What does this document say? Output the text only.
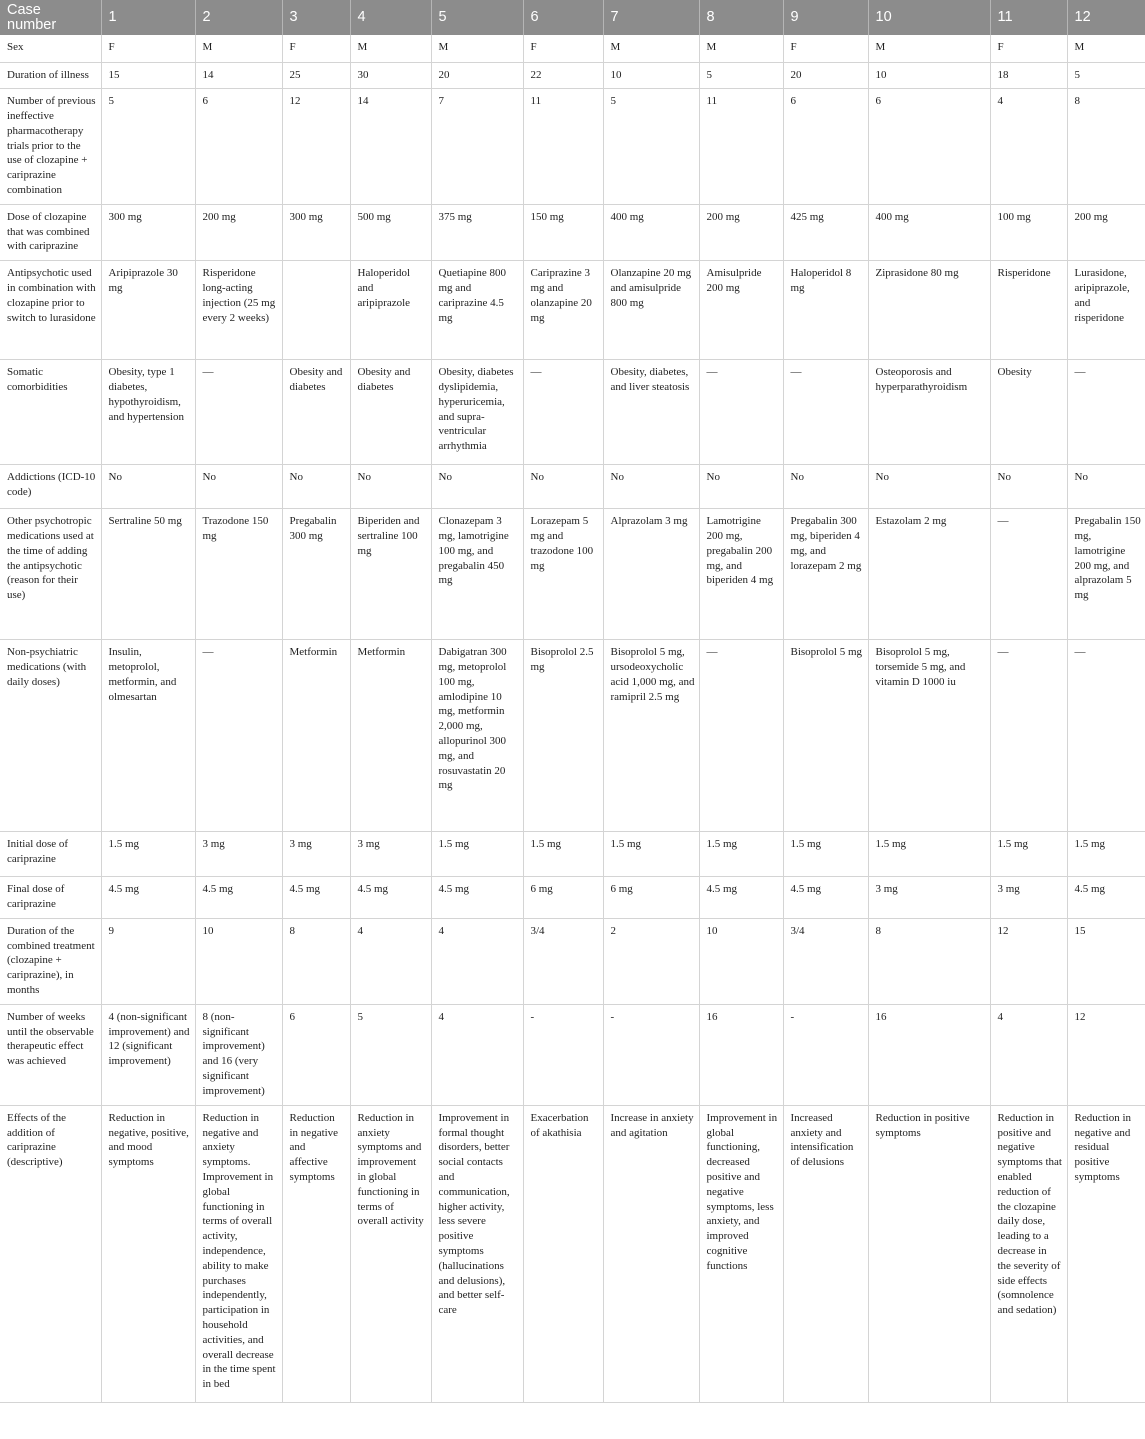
Case number	1	2	3	4	5	6	7	8	9	10	11	12
Sex	F	M	F	M	M	F	M	M	F	M	F	M
Duration of illness	15	14	25	30	20	22	10	5	20	10	18	5
Number of previous ineffective pharmacotherapy trials prior to the use of clozapine + cariprazine combination	5	6	12	14	7	11	5	11	6	6	4	8
Dose of clozapine that was combined with cariprazine	300 mg	200 mg	300 mg	500 mg	375 mg	150 mg	400 mg	200 mg	425 mg	400 mg	100 mg	200 mg
Antipsychotic used in combination with clozapine prior to switch to lurasidone	Aripiprazole 30 mg	Risperidone long-acting injection (25 mg every 2 weeks)		Haloperidol and aripiprazole	Quetiapine 800 mg and cariprazine 4.5 mg	Cariprazine 3 mg and olanzapine 20 mg	Olanzapine 20 mg and amisulpride 800 mg	Amisulpride 200 mg	Haloperidol 8 mg	Ziprasidone 80 mg	Risperidone	Lurasidone, aripiprazole, and risperidone
Somatic comorbidities	Obesity, type 1 diabetes, hypothyroidism, and hypertension	—	Obesity and diabetes	Obesity and diabetes	Obesity, diabetes dyslipidemia, hyperuricemia, and supra-ventricular arrhythmia	—	Obesity, diabetes, and liver steatosis	—	—	Osteoporosis and hyperparathyroidism	Obesity	—
Addictions (ICD-10 code)	No	No	No	No	No	No	No	No	No	No	No	No
Other psychotropic medications used at the time of adding the antipsychotic (reason for their use)	Sertraline 50 mg	Trazodone 150 mg	Pregabalin 300 mg	Biperiden and sertraline 100 mg	Clonazepam 3 mg, lamotrigine 100 mg, and pregabalin 450 mg	Lorazepam 5 mg and trazodone 100 mg	Alprazolam 3 mg	Lamotrigine 200 mg, pregabalin 200 mg, and biperiden 4 mg	Pregabalin 300 mg, biperiden 4 mg, and lorazepam 2 mg	Estazolam 2 mg	—	Pregabalin 150 mg, lamotrigine 200 mg, and alprazolam 5 mg
Non-psychiatric medications (with daily doses)	Insulin, metoprolol, metformin, and olmesartan	—	Metformin	Metformin	Dabigatran 300 mg, metoprolol 100 mg, amlodipine 10 mg, metformin 2,000 mg, allopurinol 300 mg, and rosuvastatin 20 mg	Bisoprolol 2.5 mg	Bisoprolol 5 mg, ursodeoxycholic acid 1,000 mg, and ramipril 2.5 mg	—	Bisoprolol 5 mg	Bisoprolol 5 mg, torsemide 5 mg, and vitamin D 1000 iu	—	—
Initial dose of cariprazine	1.5 mg	3 mg	3 mg	3 mg	1.5 mg	1.5 mg	1.5 mg	1.5 mg	1.5 mg	1.5 mg	1.5 mg	1.5 mg
Final dose of cariprazine	4.5 mg	4.5 mg	4.5 mg	4.5 mg	4.5 mg	6 mg	6 mg	4.5 mg	4.5 mg	3 mg	3 mg	4.5 mg
Duration of the combined treatment (clozapine + cariprazine), in months	9	10	8	4	4	3/4	2	10	3/4	8	12	15
Number of weeks until the observable therapeutic effect was achieved	4 (non-significant improvement) and 12 (significant improvement)	8 (non-significant improvement) and 16 (very significant improvement)	6	5	4	-	-	16	-	16	4	12
Effects of the addition of cariprazine (descriptive)	Reduction in negative, positive, and mood symptoms	Reduction in negative and anxiety symptoms. Improvement in global functioning in terms of overall activity, independence, ability to make purchases independently, participation in household activities, and overall decrease in the time spent in bed	Reduction in negative and affective symptoms	Reduction in anxiety symptoms and improvement in global functioning in terms of overall activity	Improvement in formal thought disorders, better social contacts and communication, higher activity, less severe positive symptoms (hallucinations and delusions), and better self-care	Exacerbation of akathisia	Increase in anxiety and agitation	Improvement in global functioning, decreased positive and negative symptoms, less anxiety, and improved cognitive functions	Increased anxiety and intensification of delusions	Reduction in positive symptoms	Reduction in positive and negative symptoms that enabled reduction of the clozapine daily dose, leading to a decrease in the severity of side effects (somnolence and sedation)	Reduction in negative and residual positive symptoms
